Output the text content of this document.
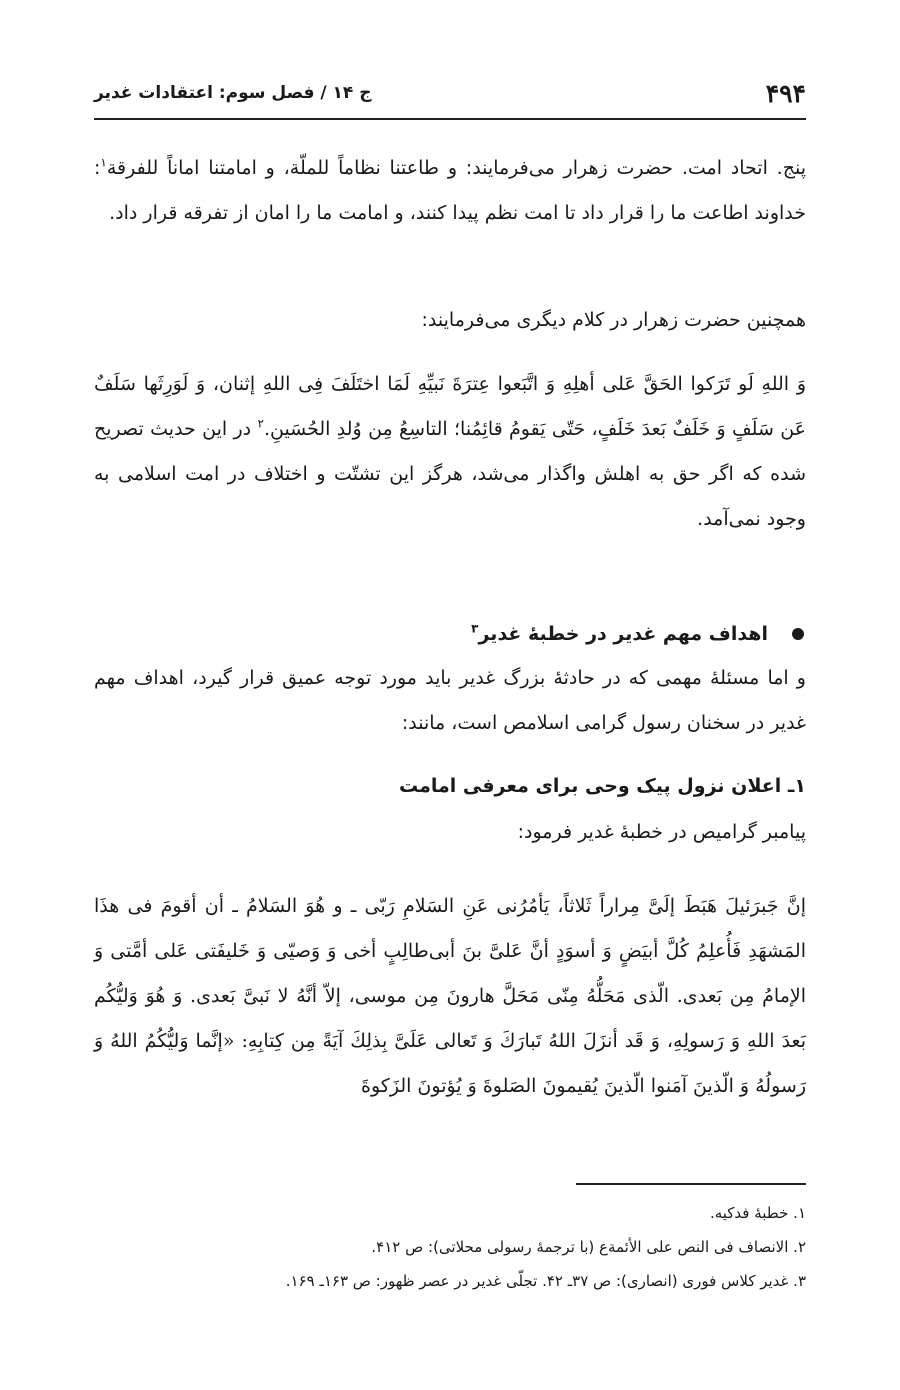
۴۹۴
ج ۱۴ / فصل سوم: اعتقادات غدیر

پنج. اتحاد امت. حضرت زهرار می‌فرمایند: و طاعتنا نظاماً للملّة، و امامتنا اماناً للفرقة$^۱$: خداوند اطاعت ما را قرار داد تا امت نظم پیدا کنند، و امامت ما را امان از تفرقه قرار داد.

همچنین حضرت زهرار در کلام دیگری می‌فرمایند:

وَ اللهِ لَو تَرَكوا الحَقَّ عَلی أهلِهِ وَ اتَّبَعوا عِترَةَ نَبیِّهِ لَمَا اختَلَفَ فِی اللهِ إثنان، وَ لَوَرِثَها سَلَفٌ عَن سَلَفٍ وَ خَلَفٌ بَعدَ خَلَفٍ، حَتّی یَقومُ قائِمُنا؛ التاسِعُ مِن وُلدِ الحُسَینِ.$^۲$ در این حدیث تصریح شده که اگر حق به اهلش واگذار می‌شد، هرگز این تشتّت و اختلاف در امت اسلامی به وجود نمی‌آمد.

اهداف مهم غدیر در خطبهٔ غدیر$^۳$

و اما مسئلهٔ مهمی که در حادثهٔ بزرگ غدیر باید مورد توجه عمیق قرار گیرد، اهداف مهم غدیر در سخنان رسول گرامی اسلامص است، مانند:

۱ـ اعلان نزول پیک وحی برای معرفی امامت

پیامبر گرامیص در خطبهٔ غدیر فرمود:

إنَّ جَبرَئیلَ هَبَطَ إلَیَّ مِراراً ثَلاثاً، یَأمُرُنی عَنِ السَلامِ رَبّی ـ و هُوَ السَلامُ ـ أن أقومَ فی هذَا المَشهَدِ فَأُعلِمُ كُلَّ أبیَضٍ وَ أسوَدٍ أنَّ عَلیَّ بنَ أبی‌طالِبٍ أخی وَ وَصیّی وَ خَلیفَتی عَلی أمَّتی وَ الإمامُ مِن بَعدی. الّذی مَحَلُّهُ مِنّی مَحَلَّ هارونَ مِن موسی، إلاّ أنَّهُ لا نَبیَّ بَعدی. وَ هُوَ وَلیُّكُم بَعدَ اللهِ وَ رَسولِهِ، وَ قَد أنزَلَ اللهُ تَبارَكَ وَ تَعالی عَلَیَّ بِذلِكَ آیَةً مِن كِتابِهِ: «إنَّما وَلیُّكُمُ اللهُ وَ رَسولُهُ وَ الّذینَ آمَنوا الّذینَ یُقیمونَ الصَلوةَ وَ یُؤتونَ الزَكوةَ

۱. خطبهٔ فدكیه.
۲. الانصاف فی النص علی الأئمةع (با ترجمهٔ رسولی محلاتی): ص ۴۱۲.
۳. غدیر كلاس فوری (انصاری): ص ۳۷ـ ۴۲. تجلّی غدیر در عصر ظهور: ص ۱۶۳ـ ۱۶۹.
